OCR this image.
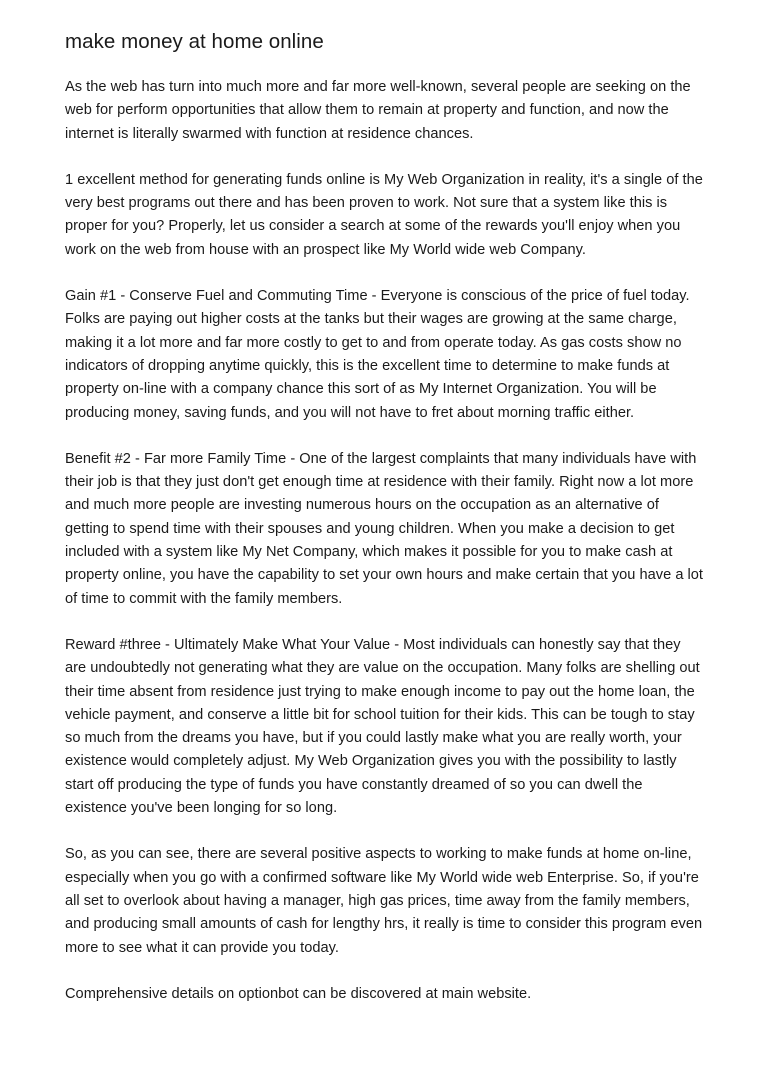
make money at home online

As the web has turn into much more and far more well-known, several people are seeking on the web for perform opportunities that allow them to remain at property and function, and now the internet is literally swarmed with function at residence chances.

1 excellent method for generating funds online is My Web Organization in reality, it's a single of the very best programs out there and has been proven to work. Not sure that a system like this is proper for you? Properly, let us consider a search at some of the rewards you'll enjoy when you work on the web from house with an prospect like My World wide web Company.

Gain #1 - Conserve Fuel and Commuting Time - Everyone is conscious of the price of fuel today. Folks are paying out higher costs at the tanks but their wages are growing at the same charge, making it a lot more and far more costly to get to and from operate today. As gas costs show no indicators of dropping anytime quickly, this is the excellent time to determine to make funds at property on-line with a company chance this sort of as My Internet Organization. You will be producing money, saving funds, and you will not have to fret about morning traffic either.

Benefit #2 - Far more Family Time - One of the largest complaints that many individuals have with their job is that they just don't get enough time at residence with their family. Right now a lot more and much more people are investing numerous hours on the occupation as an alternative of getting to spend time with their spouses and young children. When you make a decision to get included with a system like My Net Company, which makes it possible for you to make cash at property online, you have the capability to set your own hours and make certain that you have a lot of time to commit with the family members.

Reward #three - Ultimately Make What Your Value - Most individuals can honestly say that they are undoubtedly not generating what they are value on the occupation. Many folks are shelling out their time absent from residence just trying to make enough income to pay out the home loan, the vehicle payment, and conserve a little bit for school tuition for their kids. This can be tough to stay so much from the dreams you have, but if you could lastly make what you are really worth, your existence would completely adjust. My Web Organization gives you with the possibility to lastly start off producing the type of funds you have constantly dreamed of so you can dwell the existence you've been longing for so long.

So, as you can see, there are several positive aspects to working to make funds at home on-line, especially when you go with a confirmed software like My World wide web Enterprise. So, if you're all set to overlook about having a manager, high gas prices, time away from the family members, and producing small amounts of cash for lengthy hrs, it really is time to consider this program even more to see what it can provide you today.

Comprehensive details on optionbot can be discovered at main website.
